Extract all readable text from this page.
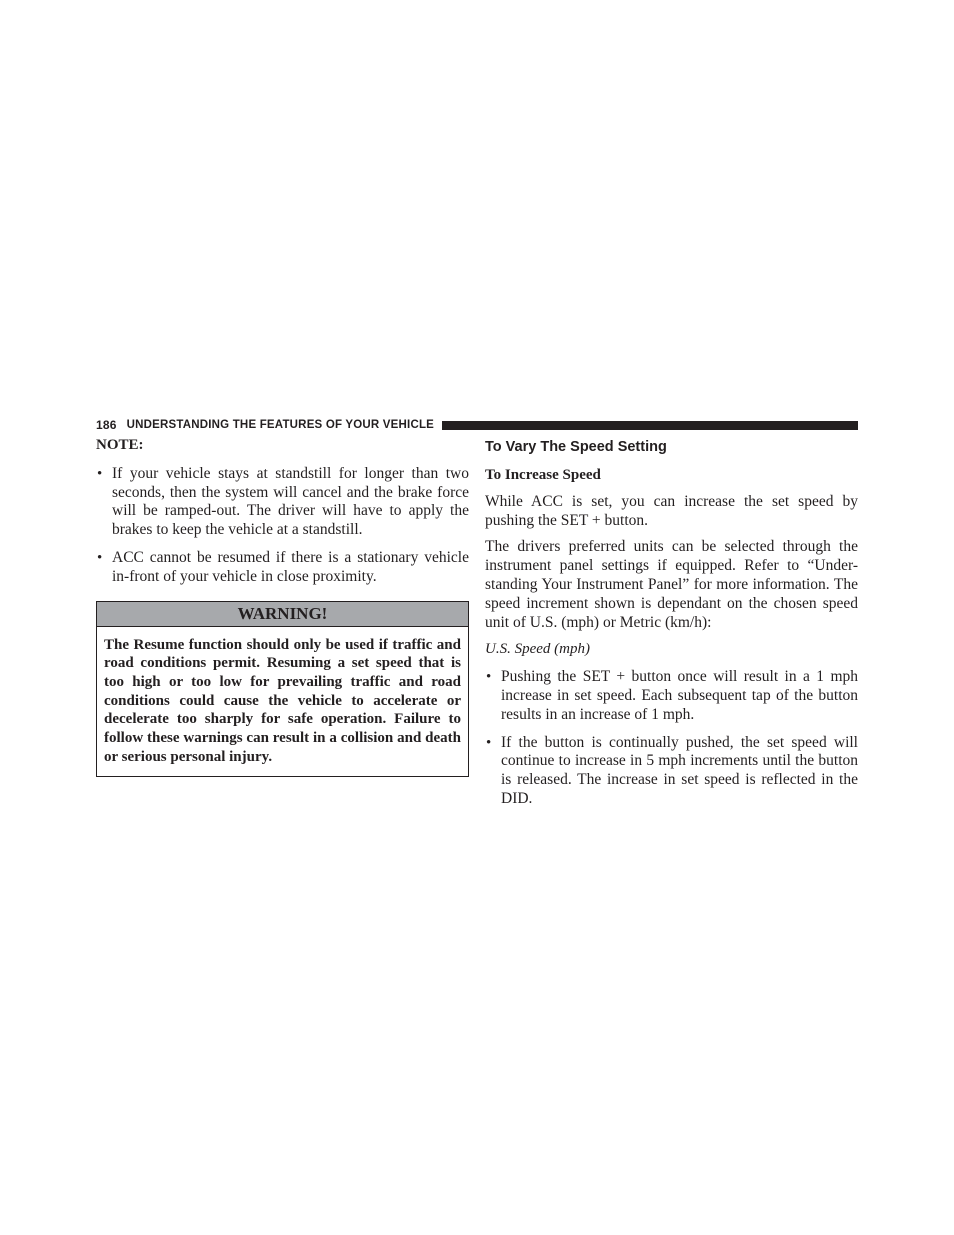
186 UNDERSTANDING THE FEATURES OF YOUR VEHICLE

NOTE:

• If your vehicle stays at standstill for longer than two seconds, then the system will cancel and the brake force will be ramped-out. The driver will have to apply the brakes to keep the vehicle at a standstill.

• ACC cannot be resumed if there is a stationary vehicle in-front of your vehicle in close proximity.

WARNING!
The Resume function should only be used if traffic and road conditions permit. Resuming a set speed that is too high or too low for prevailing traffic and road conditions could cause the vehicle to accelerate or decelerate too sharply for safe operation. Failure to follow these warnings can result in a collision and death or serious personal injury.
To Vary The Speed Setting
To Increase Speed

While ACC is set, you can increase the set speed by pushing the SET + button.

The drivers preferred units can be selected through the instrument panel settings if equipped. Refer to “Under-standing Your Instrument Panel” for more information. The speed increment shown is dependant on the chosen speed unit of U.S. (mph) or Metric (km/h):

U.S. Speed (mph)
• Pushing the SET + button once will result in a 1 mph increase in set speed. Each subsequent tap of the button results in an increase of 1 mph.

• If the button is continually pushed, the set speed will continue to increase in 5 mph increments until the button is released. The increase in set speed is reflected in the DID.
